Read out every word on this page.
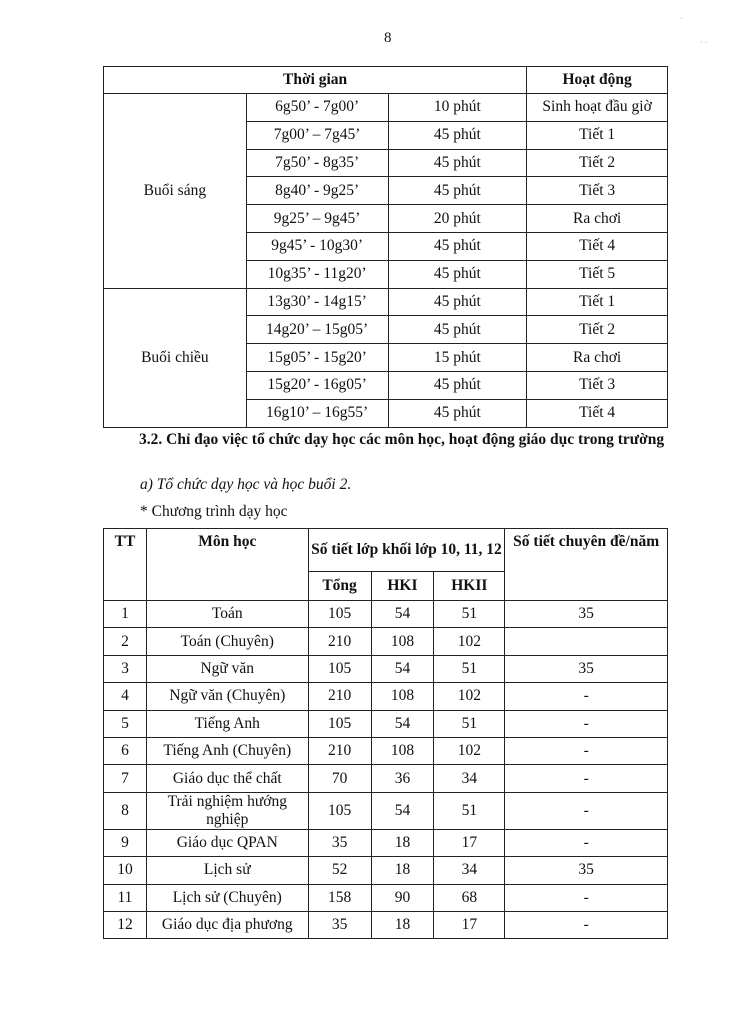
8
·
· ·
Thời gian			Hoạt động
Buổi sáng	6g50’ - 7g00’	10 phút	Sinh hoạt đầu giờ
	7g00’ – 7g45’	45 phút	Tiết 1
	7g50’ - 8g35’	45 phút	Tiết 2
	8g40’ - 9g25’	45 phút	Tiết 3
	9g25’ – 9g45’	20 phút	Ra chơi
	9g45’ - 10g30’	45 phút	Tiết 4
	10g35’ - 11g20’	45 phút	Tiết 5
Buổi chiều	13g30’ - 14g15’	45 phút	Tiết 1
	14g20’ – 15g05’	45 phút	Tiết 2
	15g05’ - 15g20’	15 phút	Ra chơi
	15g20’ - 16g05’	45 phút	Tiết 3
	16g10’ – 16g55’	45 phút	Tiết 4
3.2. Chỉ đạo việc tổ chức dạy học các môn học, hoạt động giáo dục trong trường
a) Tổ chức dạy học và học buổi 2.
* Chương trình dạy học
TT	Môn học	Số tiết lớp khối lớp 10, 11, 12			Số tiết chuyên đề/năm
		Tổng	HKI	HKII	
1	Toán	105	54	51	35
2	Toán (Chuyên)	210	108	102	
3	Ngữ văn	105	54	51	35
4	Ngữ văn (Chuyên)	210	108	102	-
5	Tiếng Anh	105	54	51	-
6	Tiếng Anh (Chuyên)	210	108	102	-
7	Giáo dục thể chất	70	36	34	-
8	Trải nghiệm hướng nghiệp	105	54	51	-
9	Giáo dục QPAN	35	18	17	-
10	Lịch sử	52	18	34	35
11	Lịch sử (Chuyên)	158	90	68	-
12	Giáo dục địa phương	35	18	17	-
